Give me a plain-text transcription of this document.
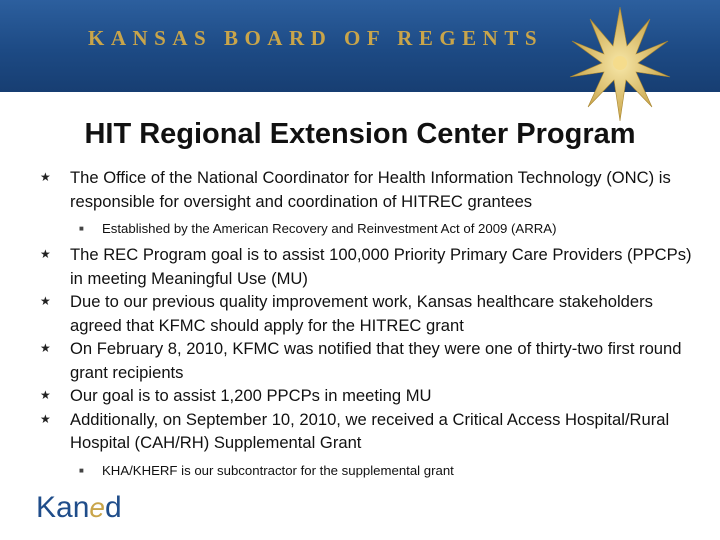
KANSAS BOARD OF REGENTS
HIT Regional Extension Center Program
★ The Office of the National Coordinator for Health Information Technology (ONC) is responsible for oversight and coordination of HITREC grantees
■ Established by the American Recovery and Reinvestment Act of 2009 (ARRA)
★ The REC Program goal is to assist 100,000 Priority Primary Care Providers (PPCPs) in meeting Meaningful Use (MU)
★ Due to our previous quality improvement work, Kansas healthcare stakeholders agreed that KFMC should apply for the HITREC grant
★ On February 8, 2010, KFMC was notified that they were one of thirty-two first round grant recipients
★ Our goal is to assist 1,200 PPCPs in meeting MU
★ Additionally, on September 10, 2010, we received a Critical Access Hospital/Rural Hospital (CAH/RH) Supplemental Grant
■ KHA/KHERF is our subcontractor for the supplemental grant
Kaned
